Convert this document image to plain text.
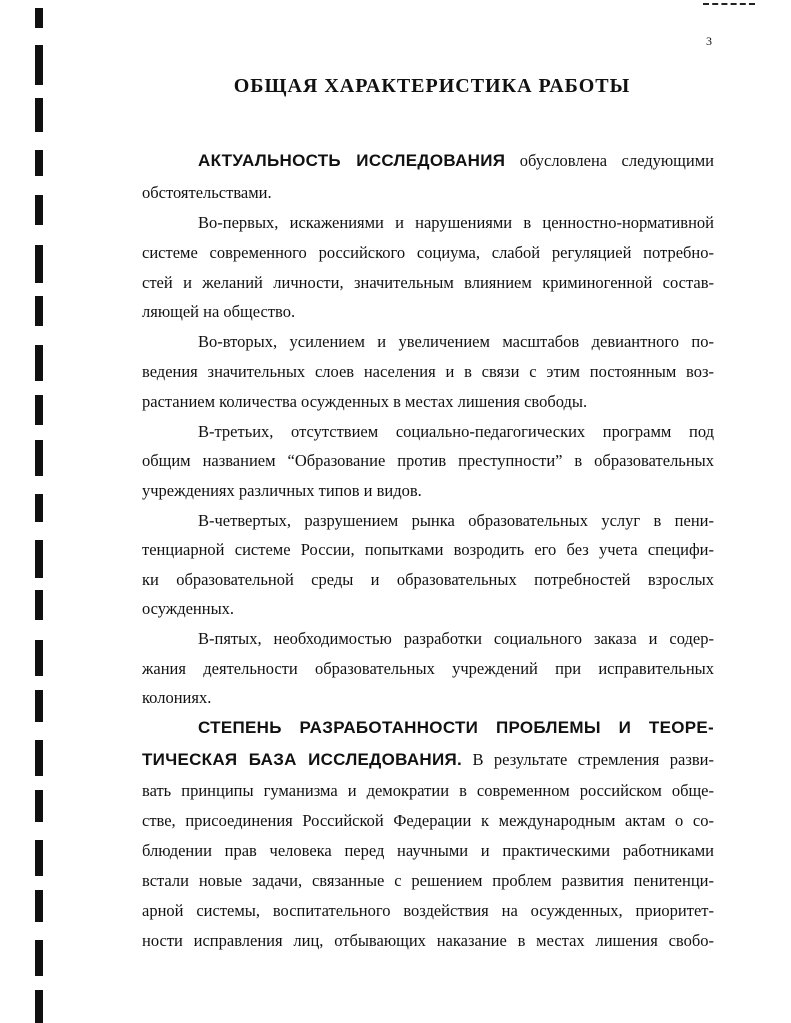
3
ОБЩАЯ ХАРАКТЕРИСТИКА РАБОТЫ
АКТУАЛЬНОСТЬ ИССЛЕДОВАНИЯ обусловлена следующими
обстоятельствами.
Во-первых, искажениями и нарушениями в ценностно-нормативной
системе современного российского социума, слабой регуляцией потребно-
стей и желаний личности, значительным влиянием криминогенной состав-
ляющей на общество.
Во-вторых, усилением и увеличением масштабов девиантного по-
ведения значительных слоев населения и в связи с этим постоянным воз-
растанием количества осужденных в местах лишения свободы.
В-третьих, отсутствием социально-педагогических программ под
общим названием “Образование против преступности” в образовательных
учреждениях различных типов и видов.
В-четвертых, разрушением рынка образовательных услуг в пени-
тенциарной системе России, попытками возродить его без учета специфи-
ки образовательной среды и образовательных потребностей взрослых
осужденных.
В-пятых, необходимостью разработки социального заказа и содер-
жания деятельности образовательных учреждений при исправительных
колониях.
СТЕПЕНЬ РАЗРАБОТАННОСТИ ПРОБЛЕМЫ И ТЕОРЕ-
ТИЧЕСКАЯ БАЗА ИССЛЕДОВАНИЯ. В результате стремления разви-
вать принципы гуманизма и демократии в современном российском обще-
стве, присоединения Российской Федерации к международным актам о со-
блюдении прав человека перед научными и практическими работниками
встали новые задачи, связанные с решением проблем развития пенитенци-
арной системы, воспитательного воздействия на осужденных, приоритет-
ности исправления лиц, отбывающих наказание в местах лишения свобо-
